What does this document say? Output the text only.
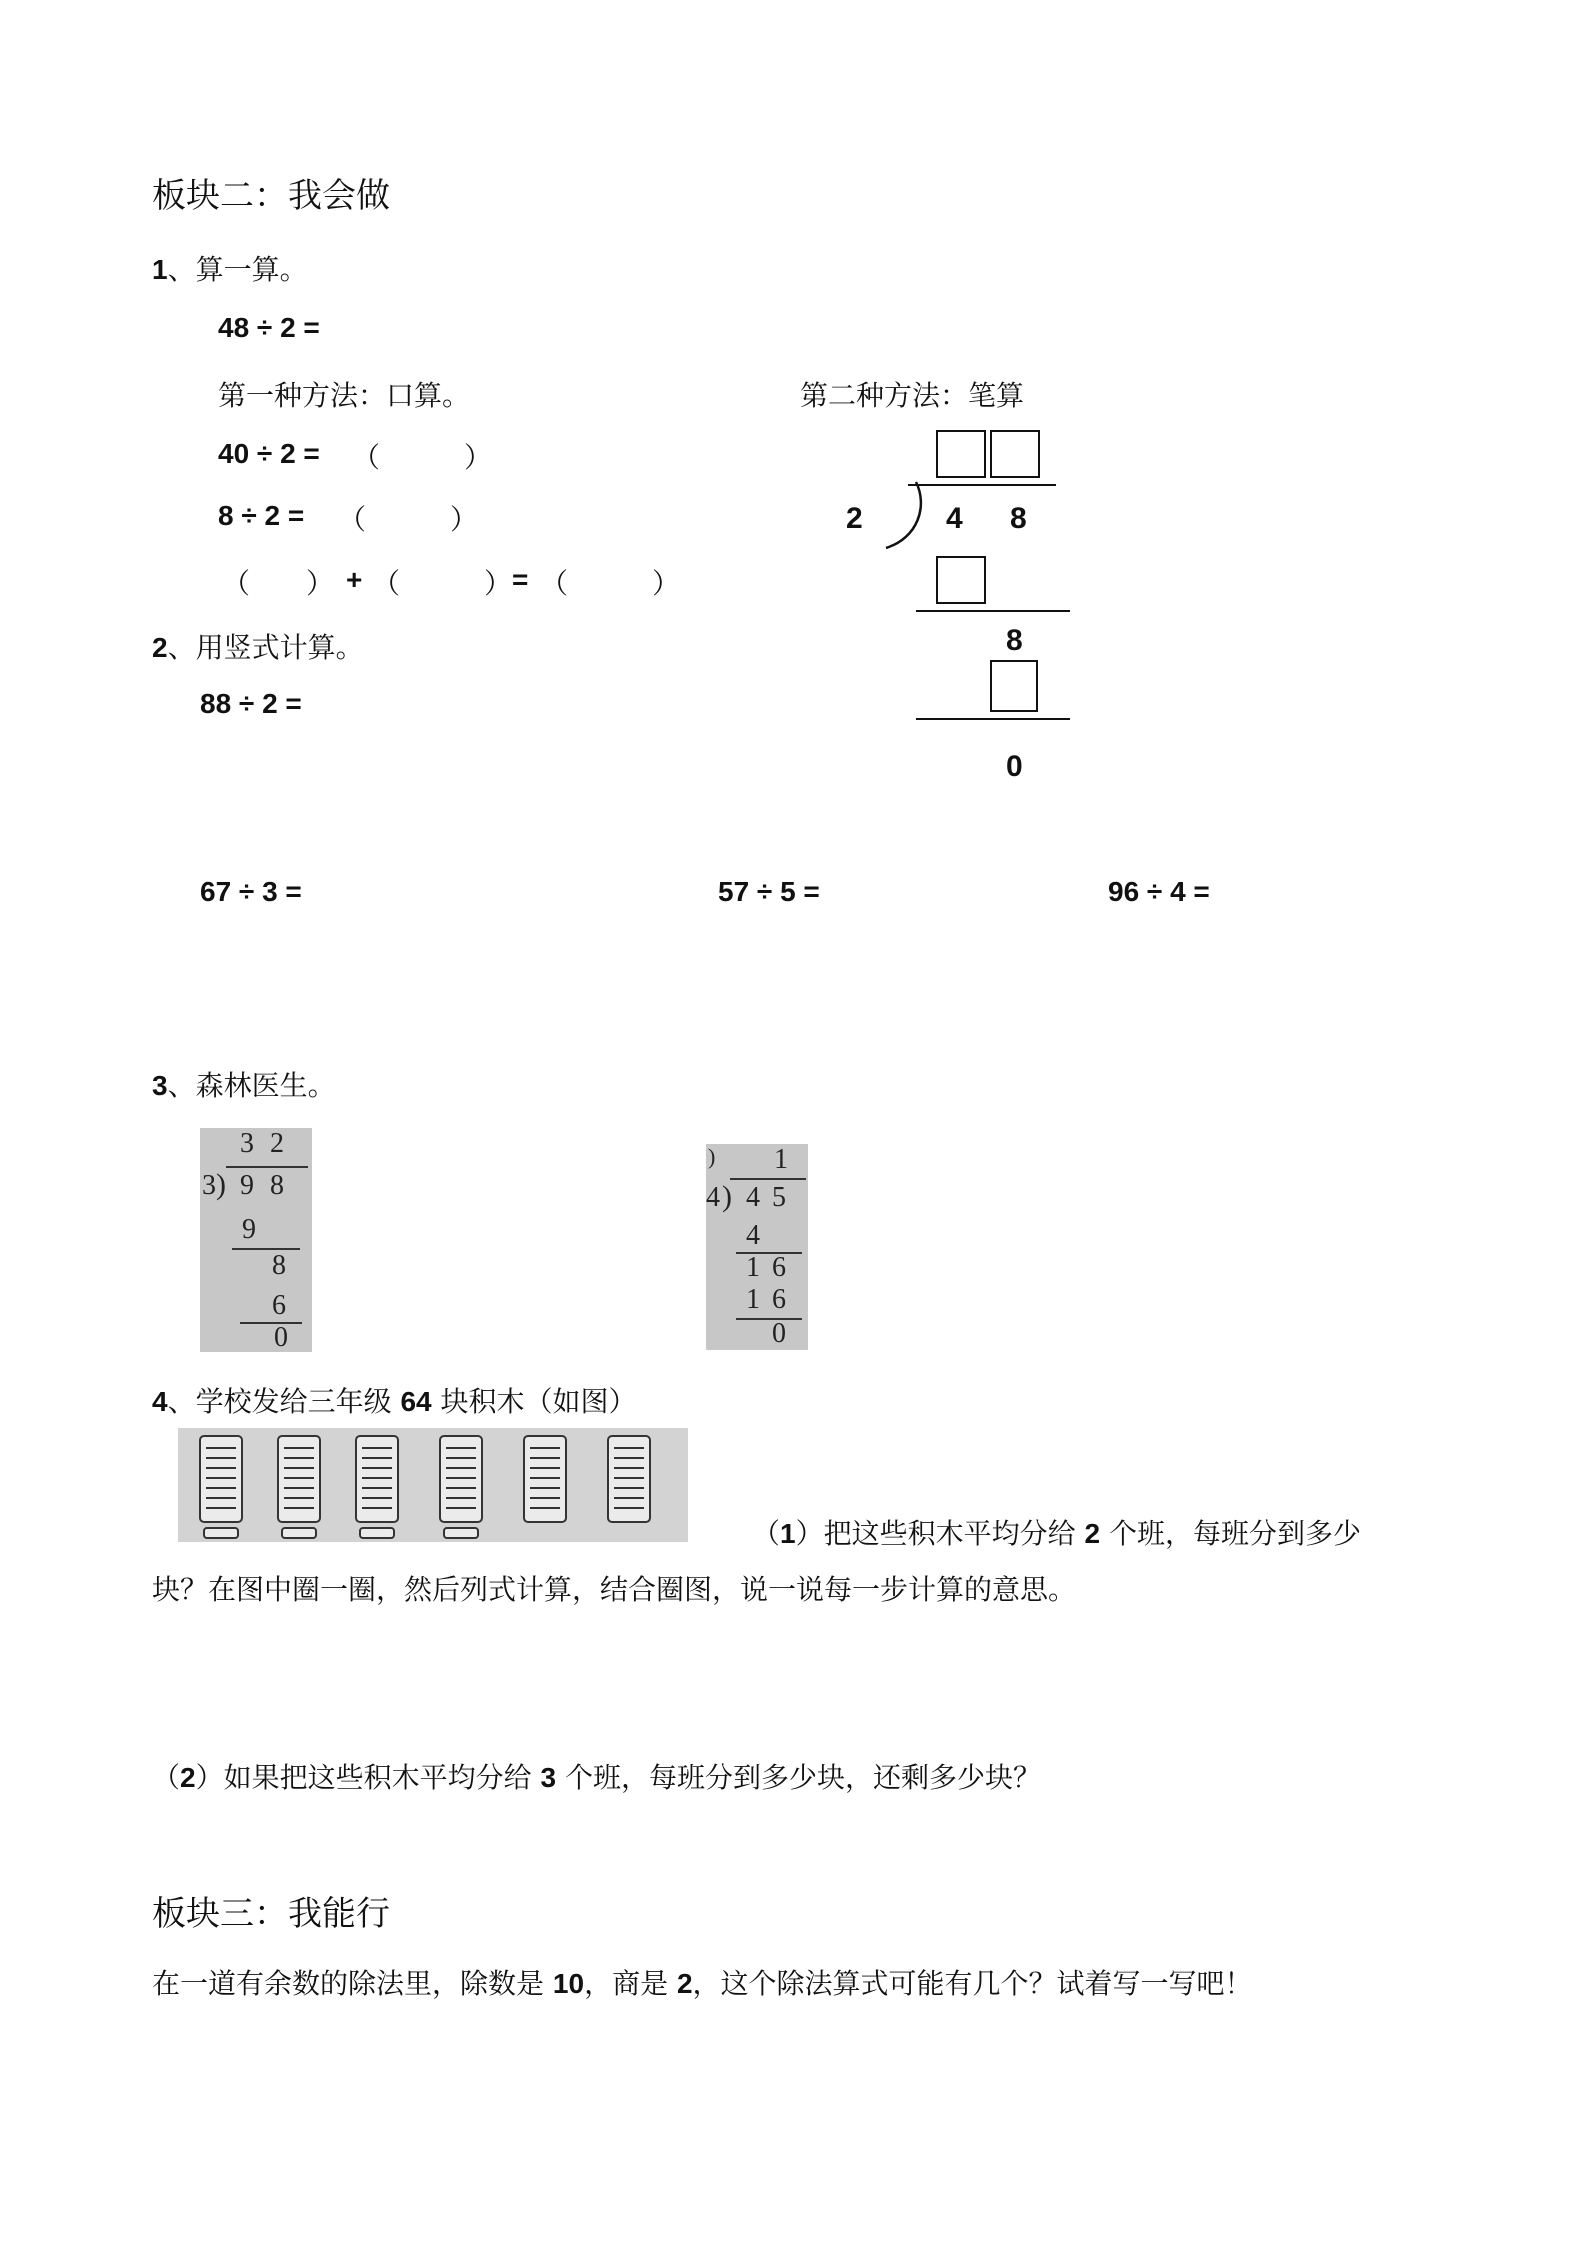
板块二：我会做
1、算一算。
48 ÷ 2 =
第一种方法：口算。	第二种方法：笔算
40 ÷ 2 = （　　　）
8 ÷ 2 = （　　　）
（　　） + （　　　） = （　　　）
2	4 8
8
0
2、用竖式计算。
88 ÷ 2 =
67 ÷ 3 =	57 ÷ 5 =	96 ÷ 4 =
3、森林医生。
3 2
3 ) 9 8
9
8
6
0
) 1
4 ) 4 5
4
1 6
1 6
0
4、学校发给三年级 64 块积木（如图）
（1）把这些积木平均分给 2 个班，每班分到多少
块？在图中圈一圈，然后列式计算，结合圈图，说一说每一步计算的意思。
（2）如果把这些积木平均分给 3 个班，每班分到多少块，还剩多少块？
板块三：我能行
在一道有余数的除法里，除数是 10，商是 2，这个除法算式可能有几个？试着写一写吧！
